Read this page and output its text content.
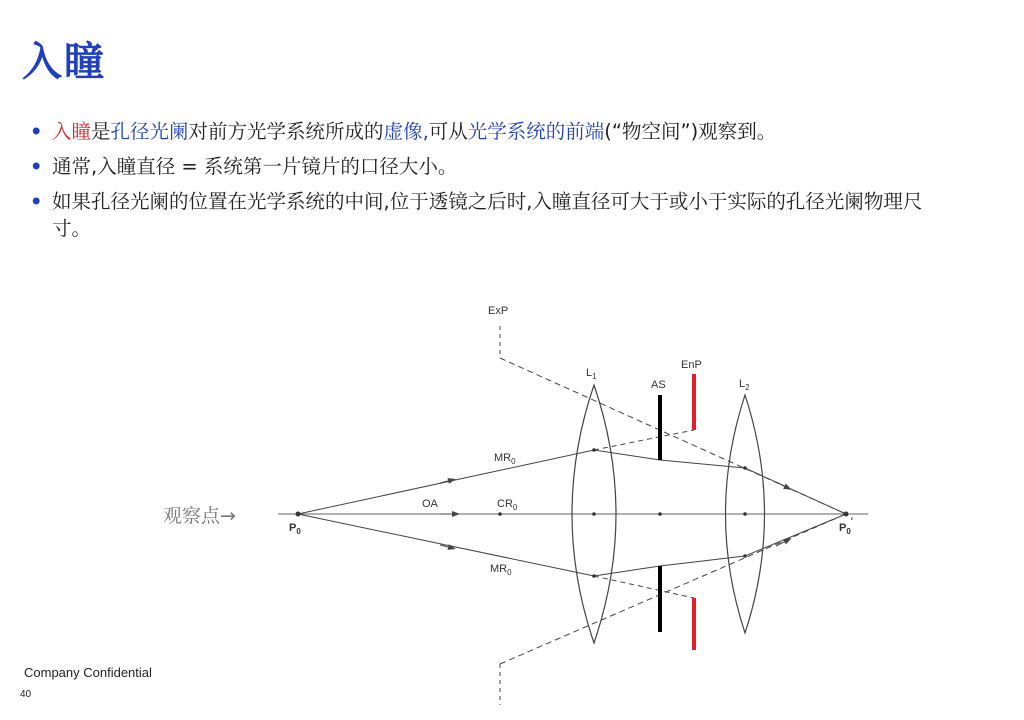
入瞳
• 入瞳是孔径光阑对前方光学系统所成的虚像,可从光学系统的前端(“物空间”)观察到。
• 通常,入瞳直径 = 系统第一片镜片的口径大小。
• 如果孔径光阑的位置在光学系统的中间,位于透镜之后时,入瞳直径可大于或小于实际的孔径光阑物理尺寸。
观察点→
ExP
EnP
AS
$L_1$
$L_2$
$MR_0$
$MR_0$
OA	$CR_0$
$P_0$	$P_0'$
Company Confidential
40
